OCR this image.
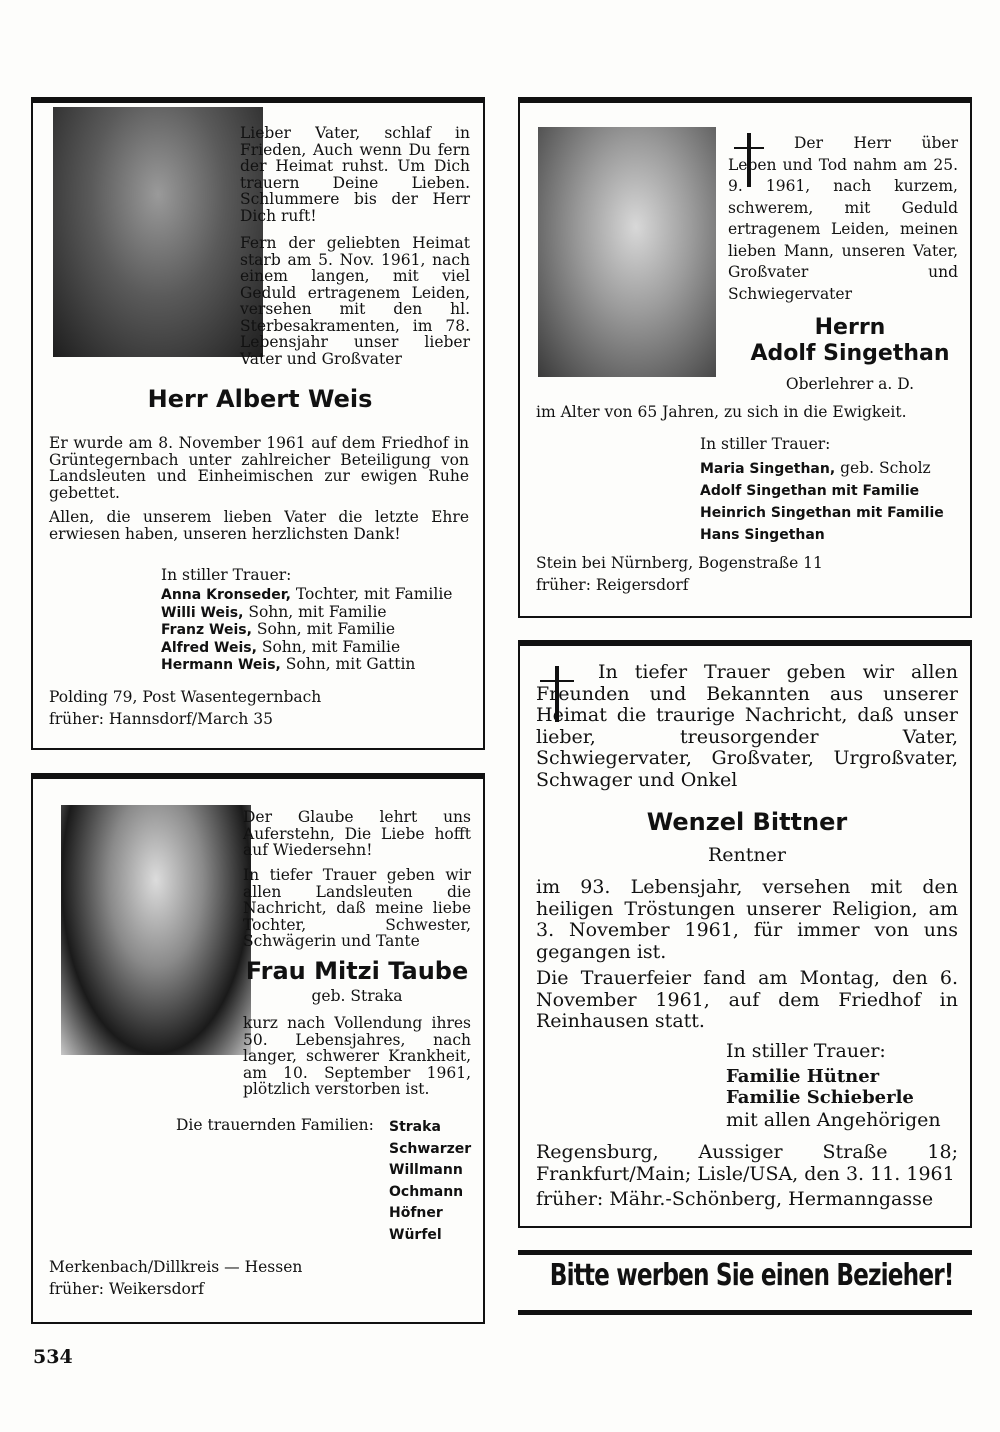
Lieber Vater, schlaf in Frieden, Auch wenn Du fern der Heimat ruhst. Um Dich trauern Deine Lieben. Schlummere bis der Herr Dich ruft!
Fern der geliebten Heimat starb am 5. Nov. 1961, nach einem langen, mit viel Geduld ertragenem Leiden, versehen mit den hl. Sterbesakramenten, im 78. Lebensjahr unser lieber Vater und Großvater
Herr Albert Weis
Er wurde am 8. November 1961 auf dem Friedhof in Grüntegernbach unter zahlreicher Beteiligung von Landsleuten und Einheimischen zur ewigen Ruhe gebettet.
Allen, die unserem lieben Vater die letzte Ehre erwiesen haben, unseren herzlichsten Dank!
In stiller Trauer:
Anna Kronseder, Tochter, mit Familie
Willi Weis, Sohn, mit Familie
Franz Weis, Sohn, mit Familie
Alfred Weis, Sohn, mit Familie
Hermann Weis, Sohn, mit Gattin
Polding 79, Post Wasentegernbach
früher: Hannsdorf/March 35
Der Herr über Leben und Tod nahm am 25. 9. 1961, nach kurzem, schwerem, mit Geduld ertragenem Leiden, meinen lieben Mann, unseren Vater, Großvater und Schwiegervater
Herrn
Adolf Singethan
Oberlehrer a. D.
im Alter von 65 Jahren, zu sich in die Ewigkeit.
In stiller Trauer:
Maria Singethan, geb. Scholz
Adolf Singethan mit Familie
Heinrich Singethan mit Familie
Hans Singethan
Stein bei Nürnberg, Bogenstraße 11
früher: Reigersdorf
Der Glaube lehrt uns Auferstehn, Die Liebe hofft auf Wiedersehn!
In tiefer Trauer geben wir allen Landsleuten die Nachricht, daß meine liebe Tochter, Schwester, Schwägerin und Tante
Frau Mitzi Taube
geb. Straka
kurz nach Vollendung ihres 50. Lebensjahres, nach langer, schwerer Krankheit, am 10. September 1961, plötzlich verstorben ist.
Die trauernden Familien: Straka
Schwarzer
Willmann
Ochmann
Höfner
Würfel
Merkenbach/Dillkreis — Hessen
früher: Weikersdorf
In tiefer Trauer geben wir allen Freunden und Bekannten aus unserer Heimat die traurige Nachricht, daß unser lieber, treusorgender Vater, Schwiegervater, Großvater, Urgroßvater, Schwager und Onkel
Wenzel Bittner
Rentner
im 93. Lebensjahr, versehen mit den heiligen Tröstungen unserer Religion, am 3. November 1961, für immer von uns gegangen ist.
Die Trauerfeier fand am Montag, den 6. November 1961, auf dem Friedhof in Reinhausen statt.
In stiller Trauer:
Familie Hütner
Familie Schieberle
mit allen Angehörigen
Regensburg, Aussiger Straße 18; Frankfurt/Main; Lisle/USA, den 3. 11. 1961
früher: Mähr.-Schönberg, Hermanngasse
Bitte werben Sie einen Bezieher!
534
